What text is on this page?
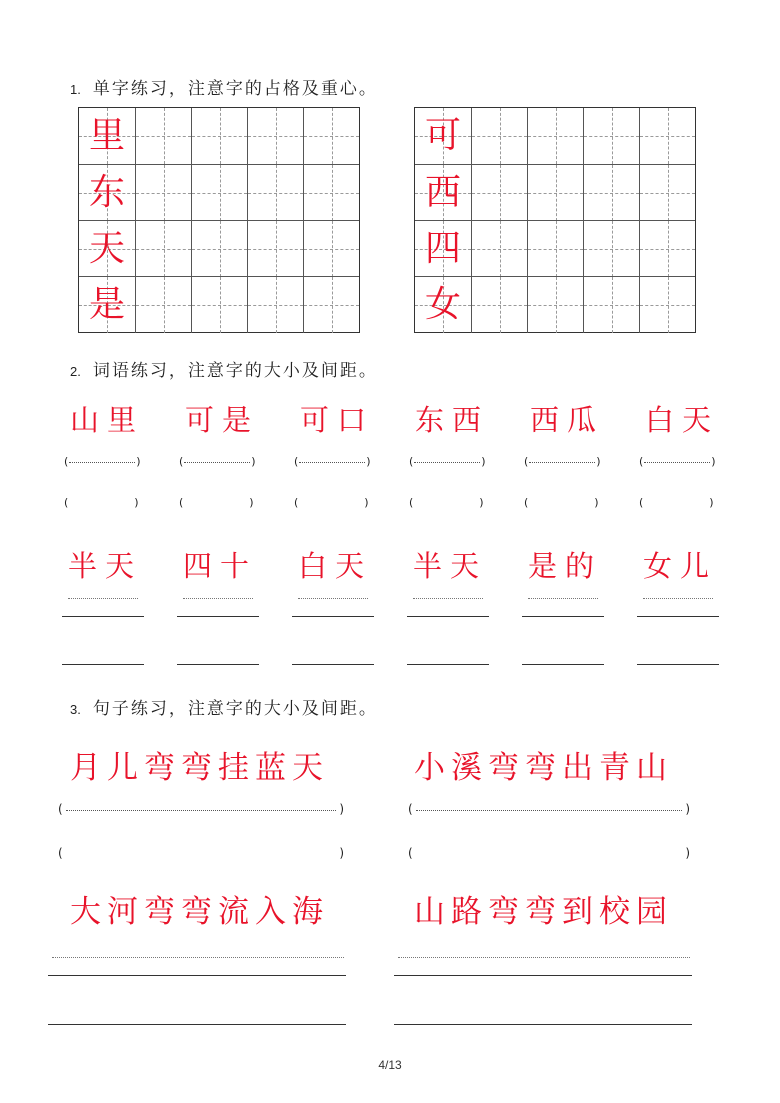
1. 单字练习，注意字的占格及重心。
里
东
天
是
可
西
四
女
2. 词语练习，注意字的大小及间距。
山里
(	)
(	)
半天
可是
(	)
(	)
四十
可口
(	)
(	)
白天
东西
(	)
(	)
半天
西瓜
(	)
(	)
是的
白天
(	)
(	)
女儿
3. 句子练习，注意字的大小及间距。
月儿弯弯挂蓝天	小溪弯弯出青山
大河弯弯流入海	山路弯弯到校园
(	)
(	)
(	)
(	)
4/13
